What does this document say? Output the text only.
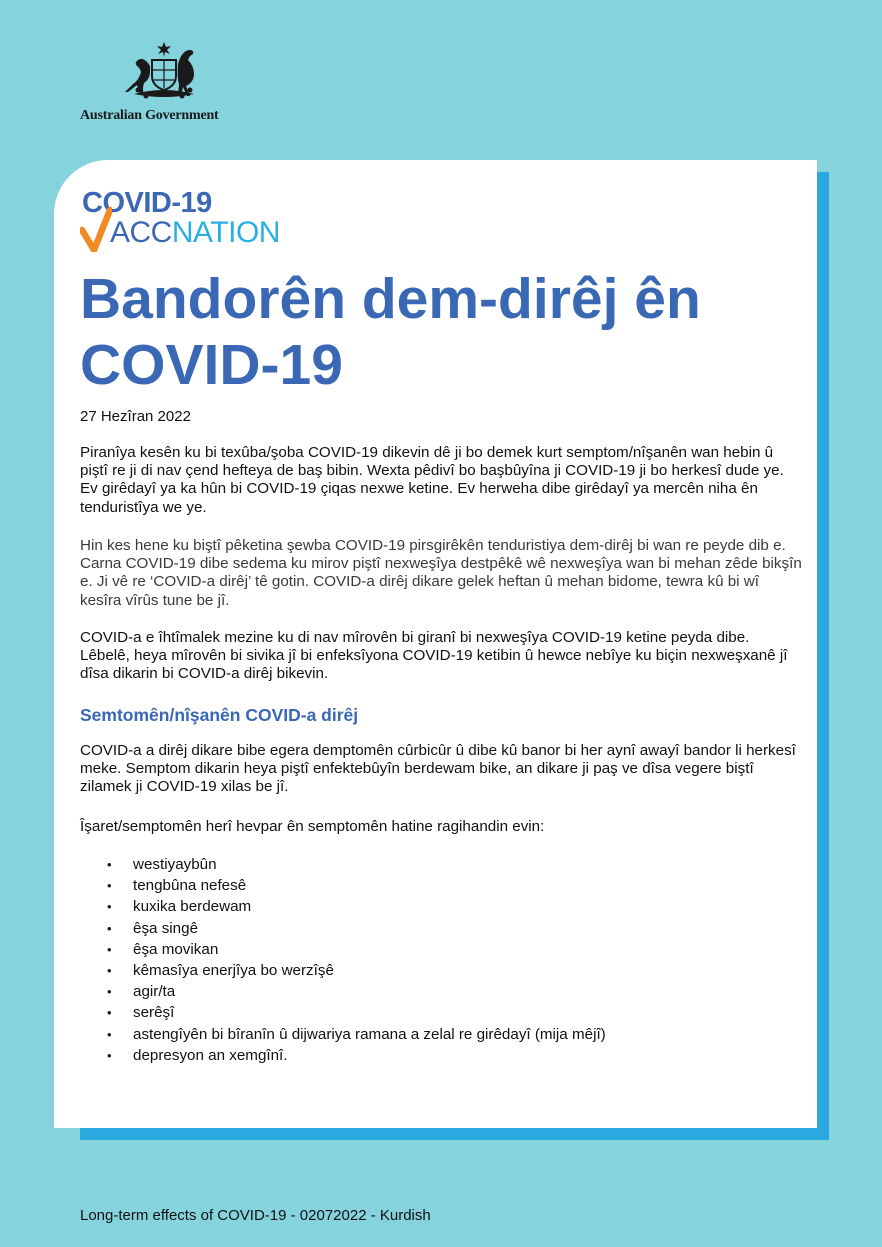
Australian Government
COVID-19
ACCNATION
Bandorên dem-dirêj ên COVID-19

27 Hezîran 2022

Piranîya kesên ku bi texûba/şoba COVID-19 dikevin dê ji bo demek kurt semptom/nîşanên wan hebin û piştî re ji di nav çend hefteya de baş bibin. Wexta pêdivî bo başbûyîna ji COVID-19 ji bo herkesî dude ye. Ev girêdayî ya ka hûn bi COVID-19 çiqas nexwe ketine. Ev herweha dibe girêdayî ya mercên niha ên tenduristîya we ye.

Hin kes hene ku biştî pêketina şewba COVID-19 pirsgirêkên tenduristiya dem-dirêj bi wan re peyde dib e. Carna COVID-19 dibe sedema ku mirov piştî nexweşîya destpêkê wê nexweşîya wan bi mehan zêde bikşîn e. Ji vê re ‘COVID-a dirêj’ tê gotin. COVID-a dirêj dikare gelek heftan û mehan bidome, tewra kû bi wî kesîra vîrûs tune be jî.

COVID-a e îhtîmalek mezine ku di nav mîrovên bi giranî bi nexweşîya COVID-19 ketine peyda dibe. Lêbelê, heya mîrovên bi sivika jî bi enfeksîyona COVID-19 ketibin û hewce nebîye ku biçin nexweşxanê jî dîsa dikarin bi COVID-a dirêj bikevin.

Semtomên/nîşanên COVID-a dirêj

COVID-a a dirêj dikare bibe egera demptomên cûrbicûr û dibe kû banor bi her aynî awayî bandor li herkesî meke. Semptom dikarin heya piştî enfektebûyîn berdewam bike, an dikare ji paş ve dîsa vegere biştî zilamek ji COVID-19 xilas be jî.

Îşaret/semptomên herî hevpar ên semptomên hatine ragihandin evin:

• westiyaybûn
• tengbûna nefesê
• kuxika berdewam
• êşa singê
• êşa movikan
• kêmasîya enerjîya bo werzîşê
• agir/ta
• serêşî
• astengîyên bi bîranîn û dijwariya ramana a zelal re girêdayî (mija mêjî)
• depresyon an xemgînî.

Long-term effects of COVID-19 - 02072022 - Kurdish
